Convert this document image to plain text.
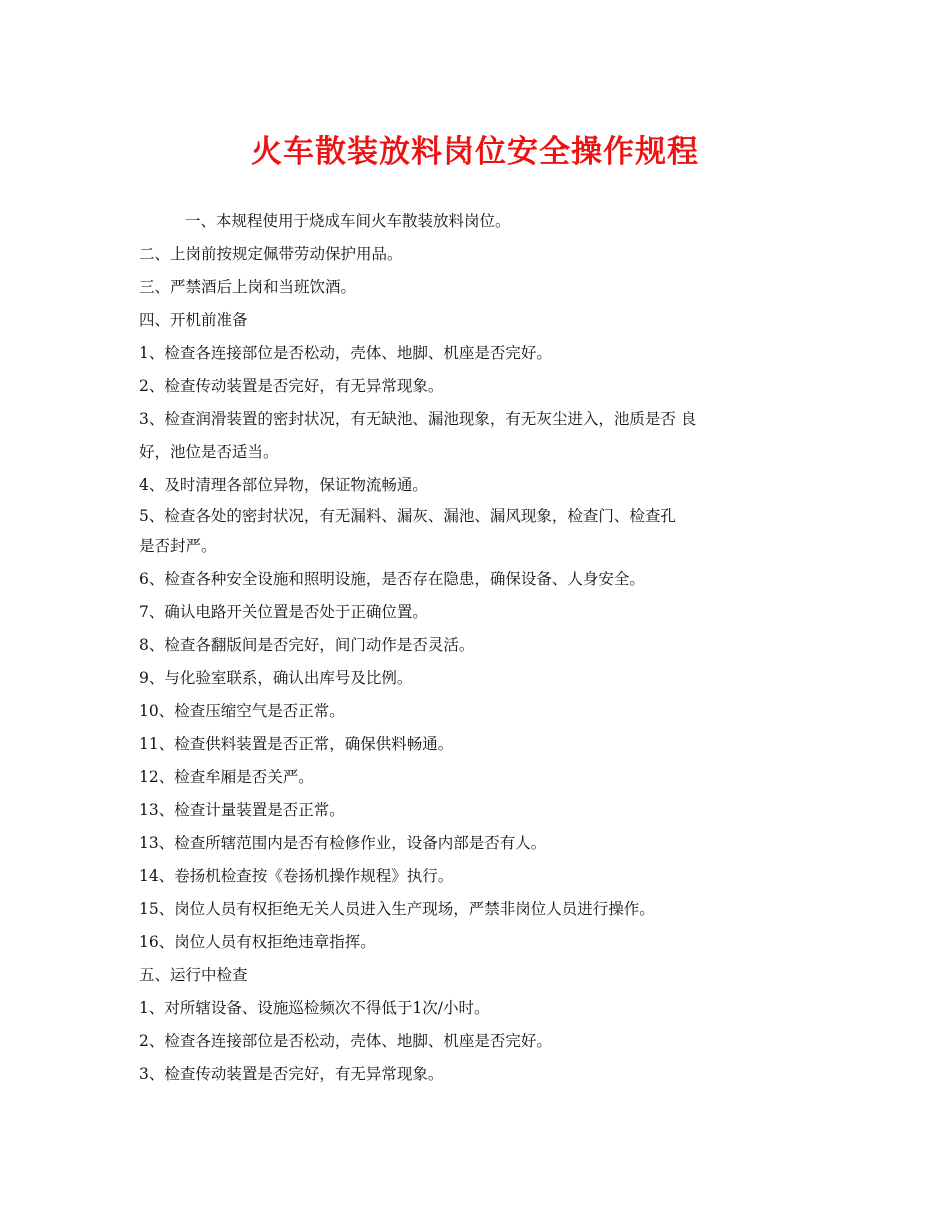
火车散装放料岗位安全操作规程

一、本规程使用于烧成车间火车散装放料岗位。

二、上岗前按规定佩带劳动保护用品。

三、严禁酒后上岗和当班饮酒。

四、开机前准备

1、检查各连接部位是否松动，壳体、地脚、机座是否完好。

2、检查传动装置是否完好，有无异常现象。

3、检查润滑装置的密封状况，有无缺池、漏池现象，有无灰尘进入，池质是否 良

好，池位是否适当。

4、及时清理各部位异物，保证物流畅通。

5、检查各处的密封状况，有无漏料、漏灰、漏池、漏风现象，检查门、检查孔

是否封严。

6、检查各种安全设施和照明设施，是否存在隐患，确保设备、人身安全。

7、确认电路开关位置是否处于正确位置。

8、检查各翻版间是否完好，间门动作是否灵活。

9、与化验室联系，确认出库号及比例。

10、检查压缩空气是否正常。

11、检查供料装置是否正常，确保供料畅通。

12、检查牟厢是否关严。

13、检查计量装置是否正常。

13、检查所辖范围内是否有检修作业，设备内部是否有人。

14、卷扬机检查按《卷扬机操作规程》执行。

15、岗位人员有权拒绝无关人员进入生产现场，严禁非岗位人员进行操作。

16、岗位人员有权拒绝违章指挥。

五、运行中检查

1、对所辖设备、设施巡检频次不得低于1次/小时。

2、检查各连接部位是否松动，壳体、地脚、机座是否完好。

3、检查传动装置是否完好，有无异常现象。
